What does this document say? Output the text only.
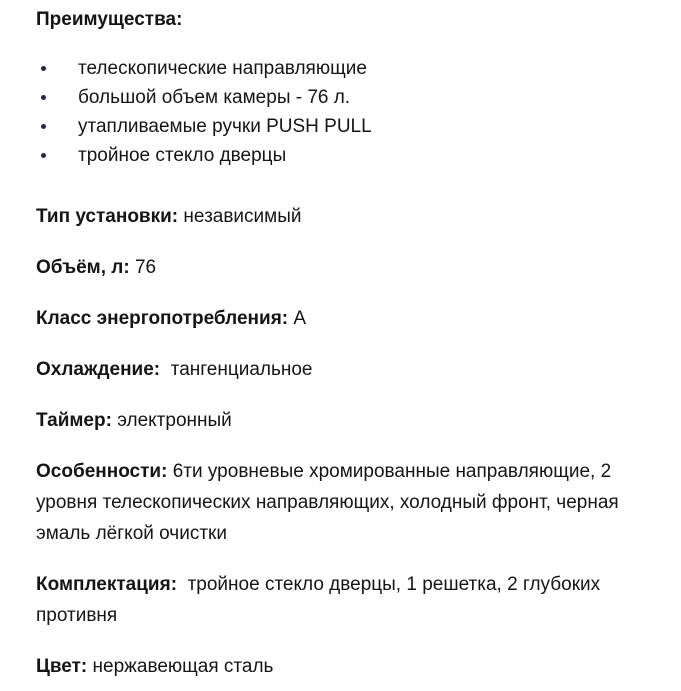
Преимущества:
телескопические направляющие
большой объем камеры - 76 л.
утапливаемые ручки PUSH PULL
тройное стекло дверцы

Тип установки: независимый

Объём, л: 76

Класс энергопотребления: А

Охлаждение:  тангенциальное

Таймер: электронный

Особенности: 6ти уровневые хромированные направляющие, 2 уровня телескопических направляющих, холодный фронт, черная эмаль лёгкой очистки

Комплектация:  тройное стекло дверцы, 1 решетка, 2 глубоких противня

Цвет: нержавеющая сталь
